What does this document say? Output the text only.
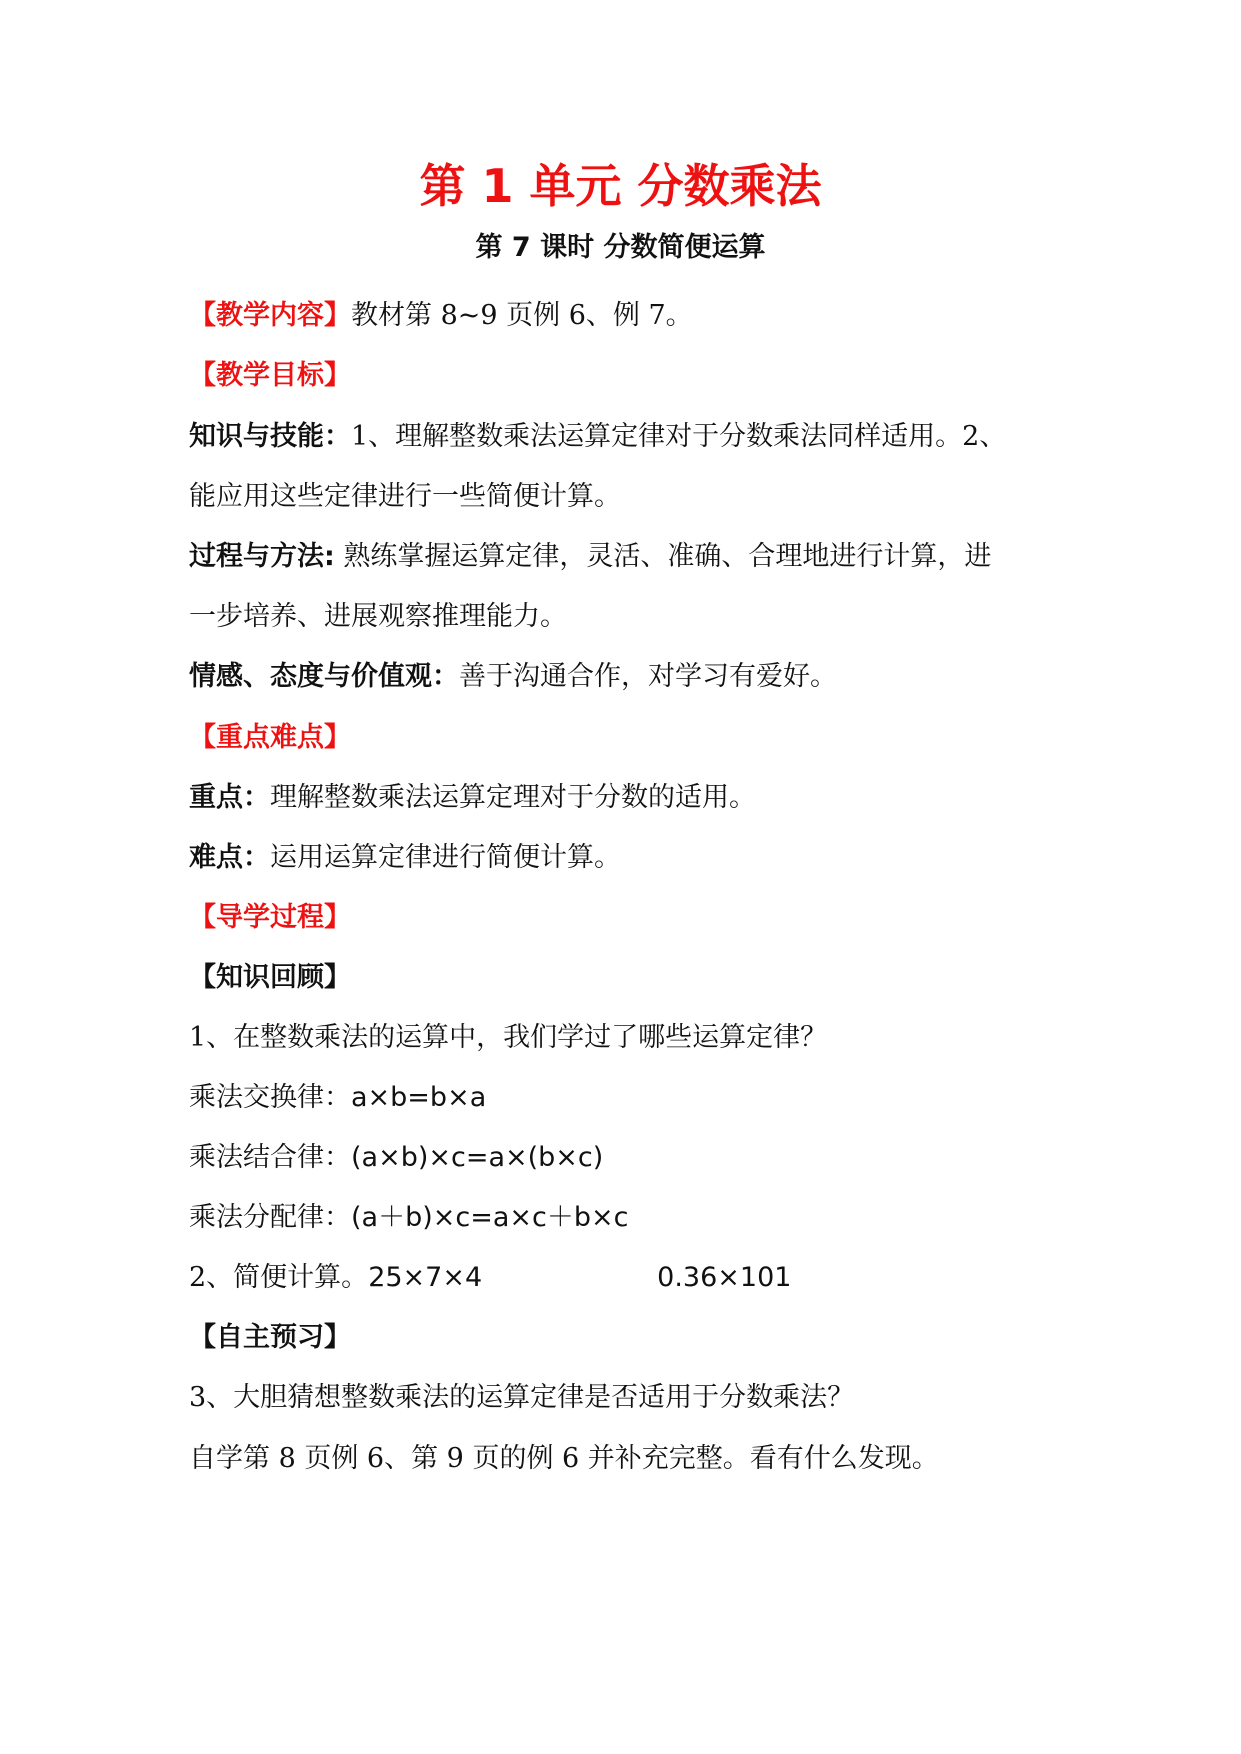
第 1 单元 分数乘法
第 7 课时 分数简便运算
【教学内容】教材第 8~9 页例 6、例 7。
【教学目标】
知识与技能：1、理解整数乘法运算定律对于分数乘法同样适用。2、
能应用这些定律进行一些简便计算。
过程与方法: 熟练掌握运算定律，灵活、准确、合理地进行计算，进
一步培养、进展观察推理能力。
情感、态度与价值观：善于沟通合作，对学习有爱好。
【重点难点】
重点：理解整数乘法运算定理对于分数的适用。
难点：运用运算定律进行简便计算。
【导学过程】
【知识回顾】
1、在整数乘法的运算中，我们学过了哪些运算定律？
乘法交换律：a×b=b×a
乘法结合律：(a×b)×c=a×(b×c)
乘法分配律：(a＋b)×c=a×c＋b×c
2、简便计算。25×7×4	0.36×101
【自主预习】
3、大胆猜想整数乘法的运算定律是否适用于分数乘法？
自学第 8 页例 6、第 9 页的例 6 并补充完整。看有什么发现。
